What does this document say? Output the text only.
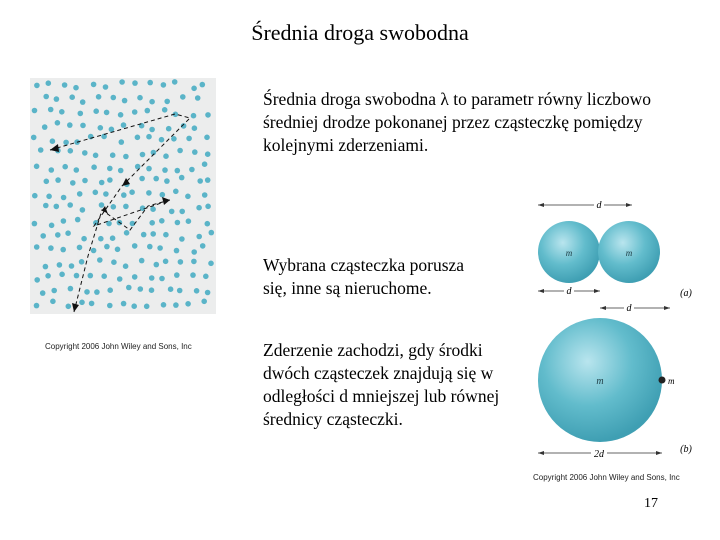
Średnia droga swobodna
Copyright 2006 John Wiley and Sons, Inc
Średnia droga swobodna λ to parametr równy liczbowo średniej drodze pokonanej przez cząsteczkę pomiędzy kolejnymi zderzeniami.
Wybrana cząsteczka porusza się, inne są nieruchome.
Zderzenie zachodzi, gdy środki dwóch cząsteczek znajdują się w odległości d mniejszej lub równej średnicy cząsteczki.
d
m	m
d	(a)
d
m	m
(b)
2d
Copyright 2006 John Wiley and Sons, Inc
17
